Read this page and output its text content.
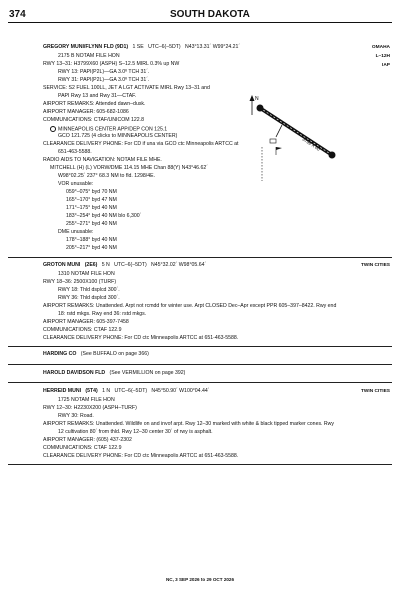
374	SOUTH DAKOTA
GREGORY MUNI/FLYNN FLD (9D1) 1 SE UTC–6(–5DT) N43°13.31´ W99°24.21´	OMAHA
L–12H
IAP
2175 B NOTAM FILE HON
RWY 13–31: H3799X60 (ASPH) S–12.5 MIRL 0.3% up NW
RWY 13: PAPI(P2L)—GA 3.0º TCH 31´.
RWY 31: PAPI(P2L)—GA 3.0º TCH 31´.
SERVICE: S2 FUEL 100LL, JET A LGT ACTIVATE MIRL Rwy 13–31 and
PAPI Rwy 13 and Rwy 31—CTAF.
AIRPORT REMARKS: Attended dawn–dusk.
AIRPORT MANAGER: 605-682-1086
COMMUNICATIONS: CTAF/UNICOM 122.8
MINNEAPOLIS CENTER APP/DEP CON 125.1
GCO 121.725 (4 clicks to MINNEAPOLIS CENTER)
CLEARANCE DELIVERY PHONE: For CD if una via GCO ctc Minneapolis ARTCC at
651-463-5588.
RADIO AIDS TO NAVIGATION: NOTAM FILE MHE.
MITCHELL (H) (L) VORW/DME 114.15 MHE Chan 88(Y) N43°46.62´
W98°02.25´ 237° 68.3 NM to fld. 1298/4E.
VOR unusable:
059°–075° byd 70 NM
165°–170° byd 47 NM
171°–175° byd 40 NM
183°–254° byd 40 NM blo 6,300´
255°–271° byd 40 NM
DME unusable:
178°–188° byd 40 NM
205°–217° byd 40 NM
N
3799 X 60
GROTON MUNI (2E6) 5 N UTC–6(–5DT) N45°32.02´ W98°05.64´	TWIN CITIES
1310 NOTAM FILE HON
RWY 18–36: 2500X100 (TURF)
RWY 18: Thld dsplcd 300´.
RWY 36: Thld dsplcd 300´.
AIRPORT REMARKS: Unattended. Arpt not rcmdd for winter use. Arpt CLOSED Dec–Apr except PPR 605–397–8422. Rwy end
18: rstd mkgs. Rwy end 36: rstd mkgs.
AIRPORT MANAGER: 605-397-7458
COMMUNICATIONS: CTAF 122.9
CLEARANCE DELIVERY PHONE: For CD ctc Minneapolis ARTCC at 651-463-5588.
HARDING CO (See BUFFALO on page 366)
HAROLD DAVIDSON FLD (See VERMILLION on page 392)
HERREID MUNI (5T4) 1 N UTC–6(–5DT) N45°50.90´ W100°04.44´	TWIN CITIES
1725 NOTAM FILE HON
RWY 12–30: H2230X200 (ASPH–TURF)
RWY 30: Road.
AIRPORT REMARKS: Unattended. Wildlife on and invof arpt. Rwy 12–30 marked with white & black tipped marker cones. Rwy
12 cultivation 80´ from thld. Rwy 12–30 center 30´ of rwy is asphalt.
AIRPORT MANAGER: (605) 437-2302
COMMUNICATIONS: CTAF 122.9
CLEARANCE DELIVERY PHONE: For CD ctc Minneapolis ARTCC at 651-463-5588.
NC, 3 SEP 2026 to 29 OCT 2026
